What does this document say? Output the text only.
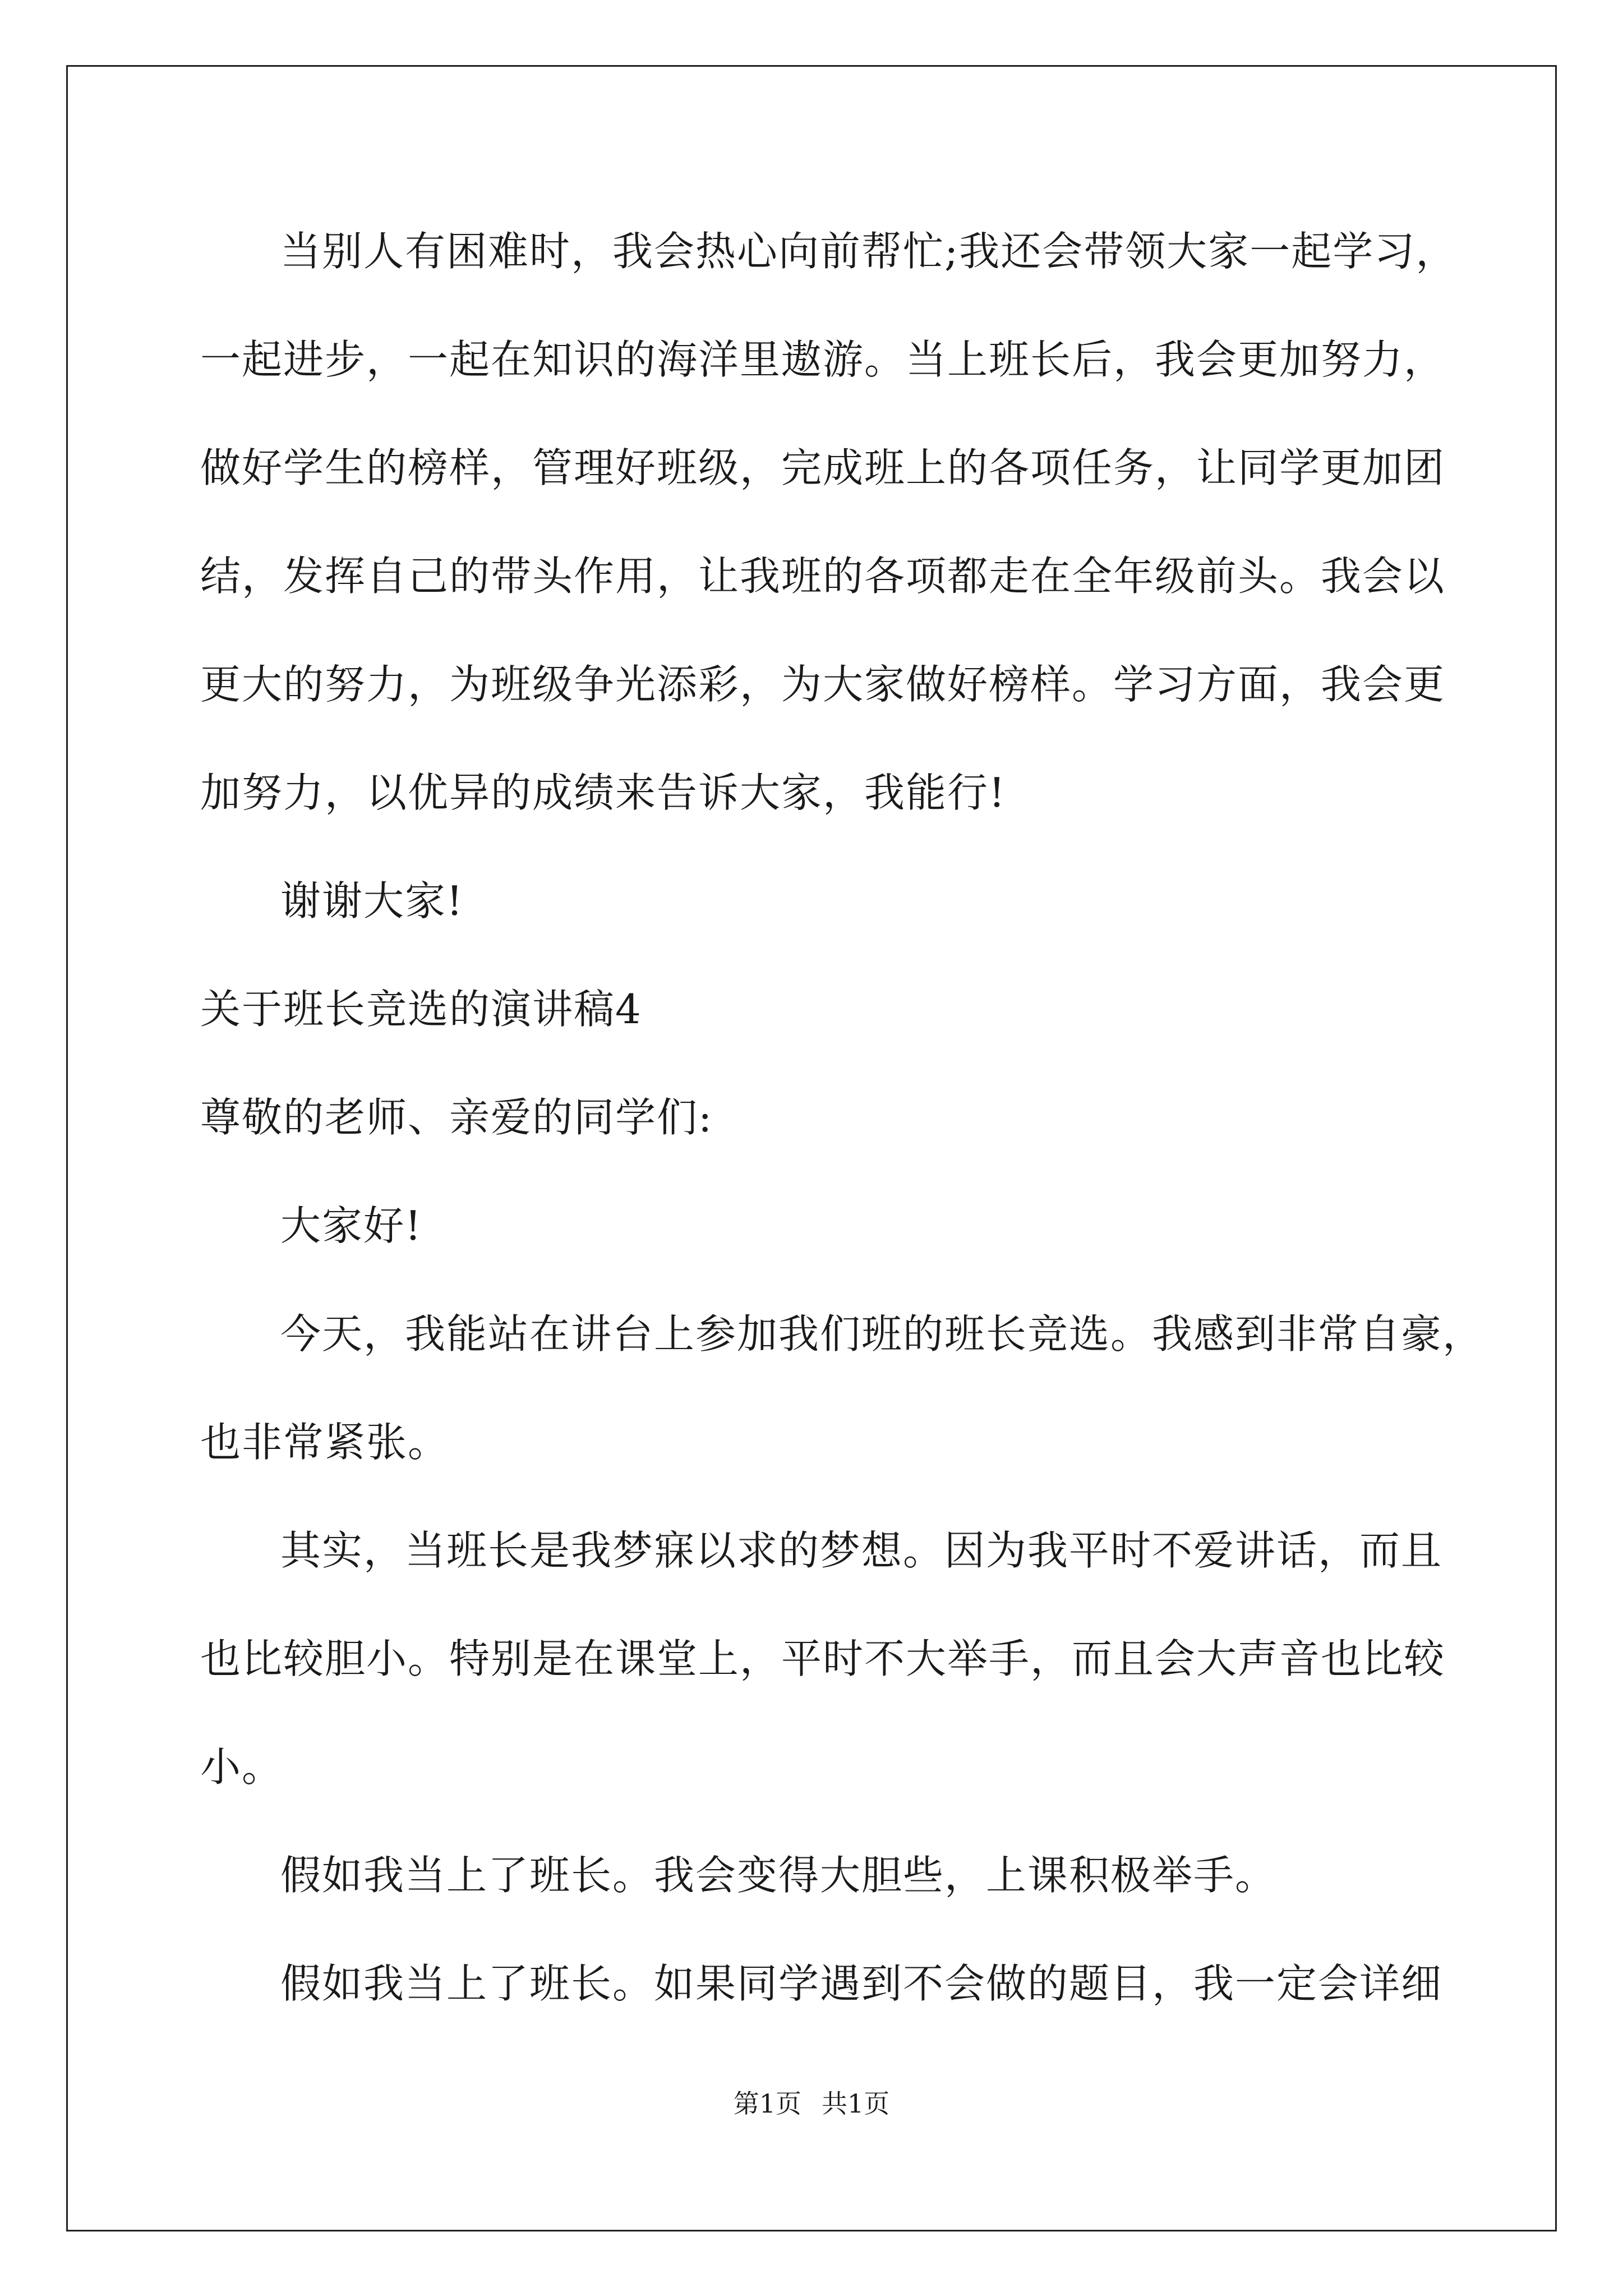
当别人有困难时，我会热心向前帮忙;我还会带领大家一起学习，
一起进步，一起在知识的海洋里遨游。当上班长后，我会更加努力，
做好学生的榜样，管理好班级，完成班上的各项任务，让同学更加团
结，发挥自己的带头作用，让我班的各项都走在全年级前头。我会以
更大的努力，为班级争光添彩，为大家做好榜样。学习方面，我会更
加努力，以优异的成绩来告诉大家，我能行!
谢谢大家!
关于班长竞选的演讲稿4
尊敬的老师、亲爱的同学们:
大家好!
今天，我能站在讲台上参加我们班的班长竞选。我感到非常自豪，
也非常紧张。
其实，当班长是我梦寐以求的梦想。因为我平时不爱讲话，而且
也比较胆小。特别是在课堂上，平时不大举手，而且会大声音也比较
小。
假如我当上了班长。我会变得大胆些，上课积极举手。
假如我当上了班长。如果同学遇到不会做的题目，我一定会详细
第1页 共1页
